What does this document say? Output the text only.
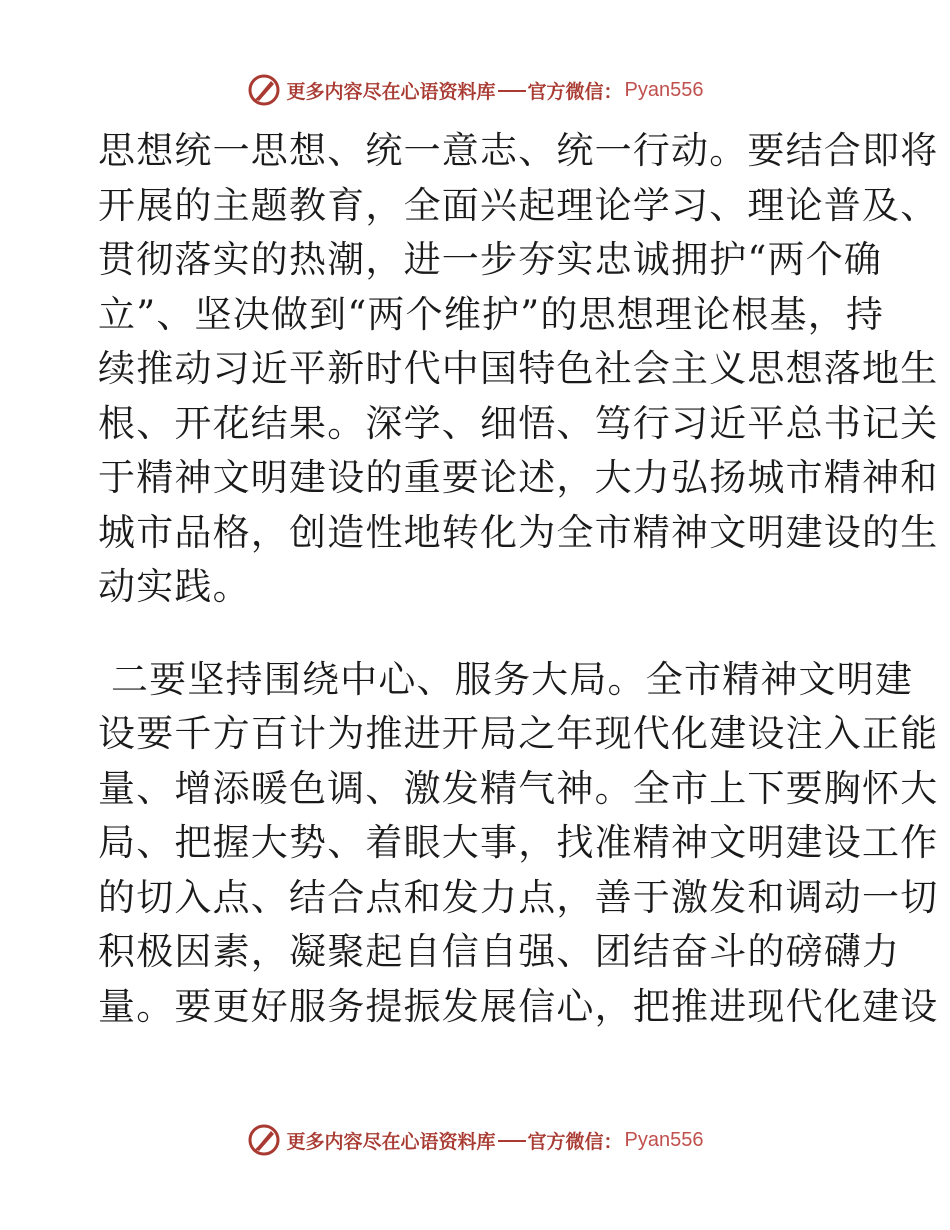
更多内容尽在心语资料库 官方微信： Pyan556

思想统一思想、统一意志、统一行动。要结合即将

开展的主题教育，全面兴起理论学习、理论普及、

贯彻落实的热潮，进一步夯实忠诚拥护“两个确

立”、坚决做到“两个维护”的思想理论根基，持

续推动习近平新时代中国特色社会主义思想落地生

根、开花结果。深学、细悟、笃行习近平总书记关

于精神文明建设的重要论述，大力弘扬城市精神和

城市品格，创造性地转化为全市精神文明建设的生

动实践。

二要坚持围绕中心、服务大局。全市精神文明建

设要千方百计为推进开局之年现代化建设注入正能

量、增添暖色调、激发精气神。全市上下要胸怀大

局、把握大势、着眼大事，找准精神文明建设工作

的切入点、结合点和发力点，善于激发和调动一切

积极因素，凝聚起自信自强、团结奋斗的磅礴力

量。要更好服务提振发展信心，把推进现代化建设

更多内容尽在心语资料库 官方微信： Pyan556
